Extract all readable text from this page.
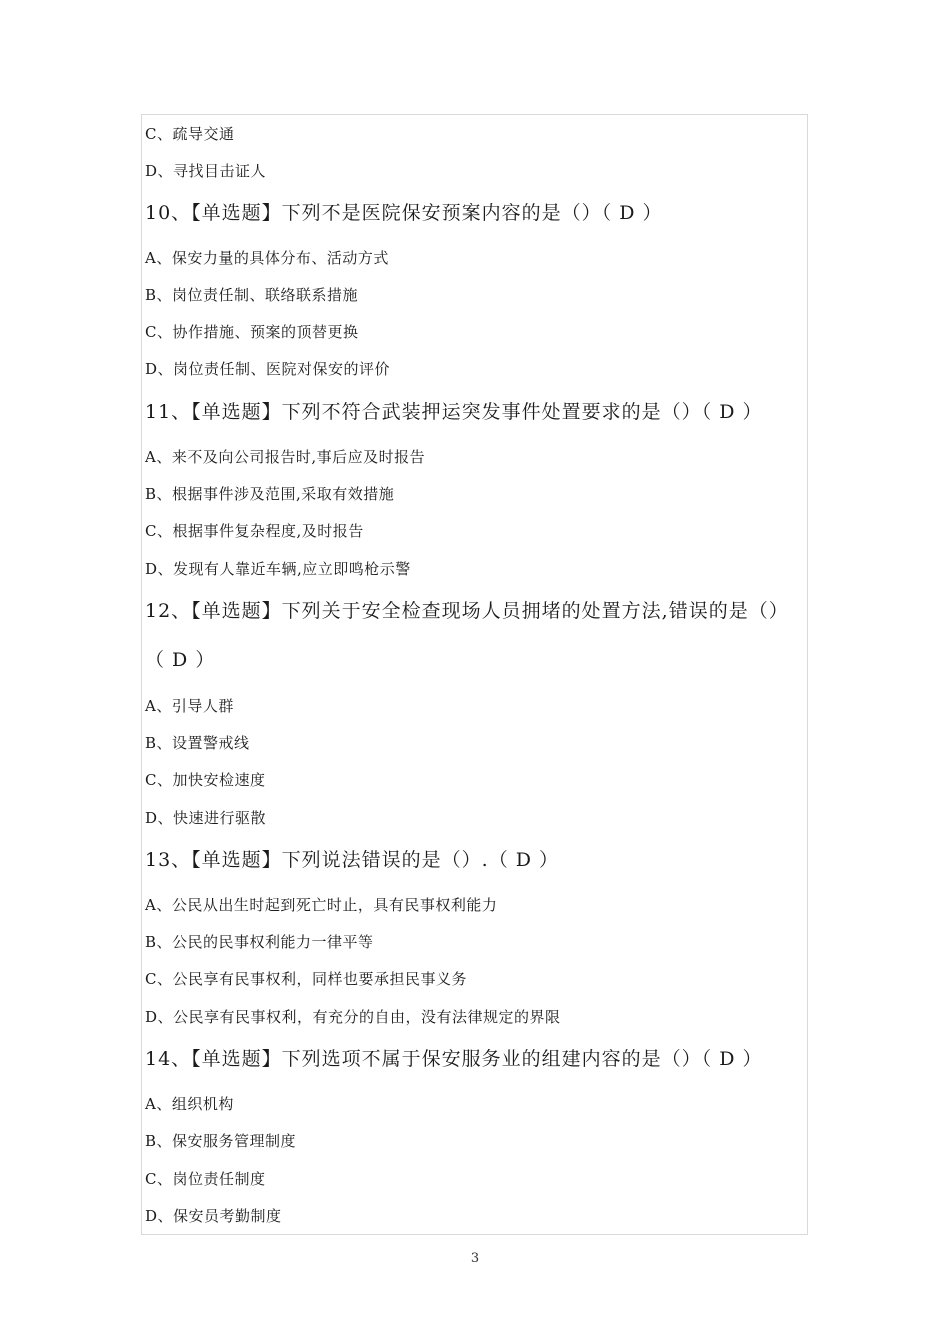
C、疏导交通
D、寻找目击证人
10、【单选题】下列不是医院保安预案内容的是（）（ D ）
A、保安力量的具体分布、活动方式
B、岗位责任制、联络联系措施
C、协作措施、预案的顶替更换
D、岗位责任制、医院对保安的评价
11、【单选题】下列不符合武装押运突发事件处置要求的是（）（ D ）
A、来不及向公司报告时,事后应及时报告
B、根据事件涉及范围,采取有效措施
C、根据事件复杂程度,及时报告
D、发现有人靠近车辆,应立即鸣枪示警
12、【单选题】下列关于安全检查现场人员拥堵的处置方法,错误的是（）
（ D ）
A、引导人群
B、设置警戒线
C、加快安检速度
D、快速进行驱散
13、【单选题】下列说法错误的是（）.（ D ）
A、公民从出生时起到死亡时止，具有民事权利能力
B、公民的民事权利能力一律平等
C、公民享有民事权利，同样也要承担民事义务
D、公民享有民事权利，有充分的自由，没有法律规定的界限
14、【单选题】下列选项不属于保安服务业的组建内容的是（）（ D ）
A、组织机构
B、保安服务管理制度
C、岗位责任制度
D、保安员考勤制度
3
